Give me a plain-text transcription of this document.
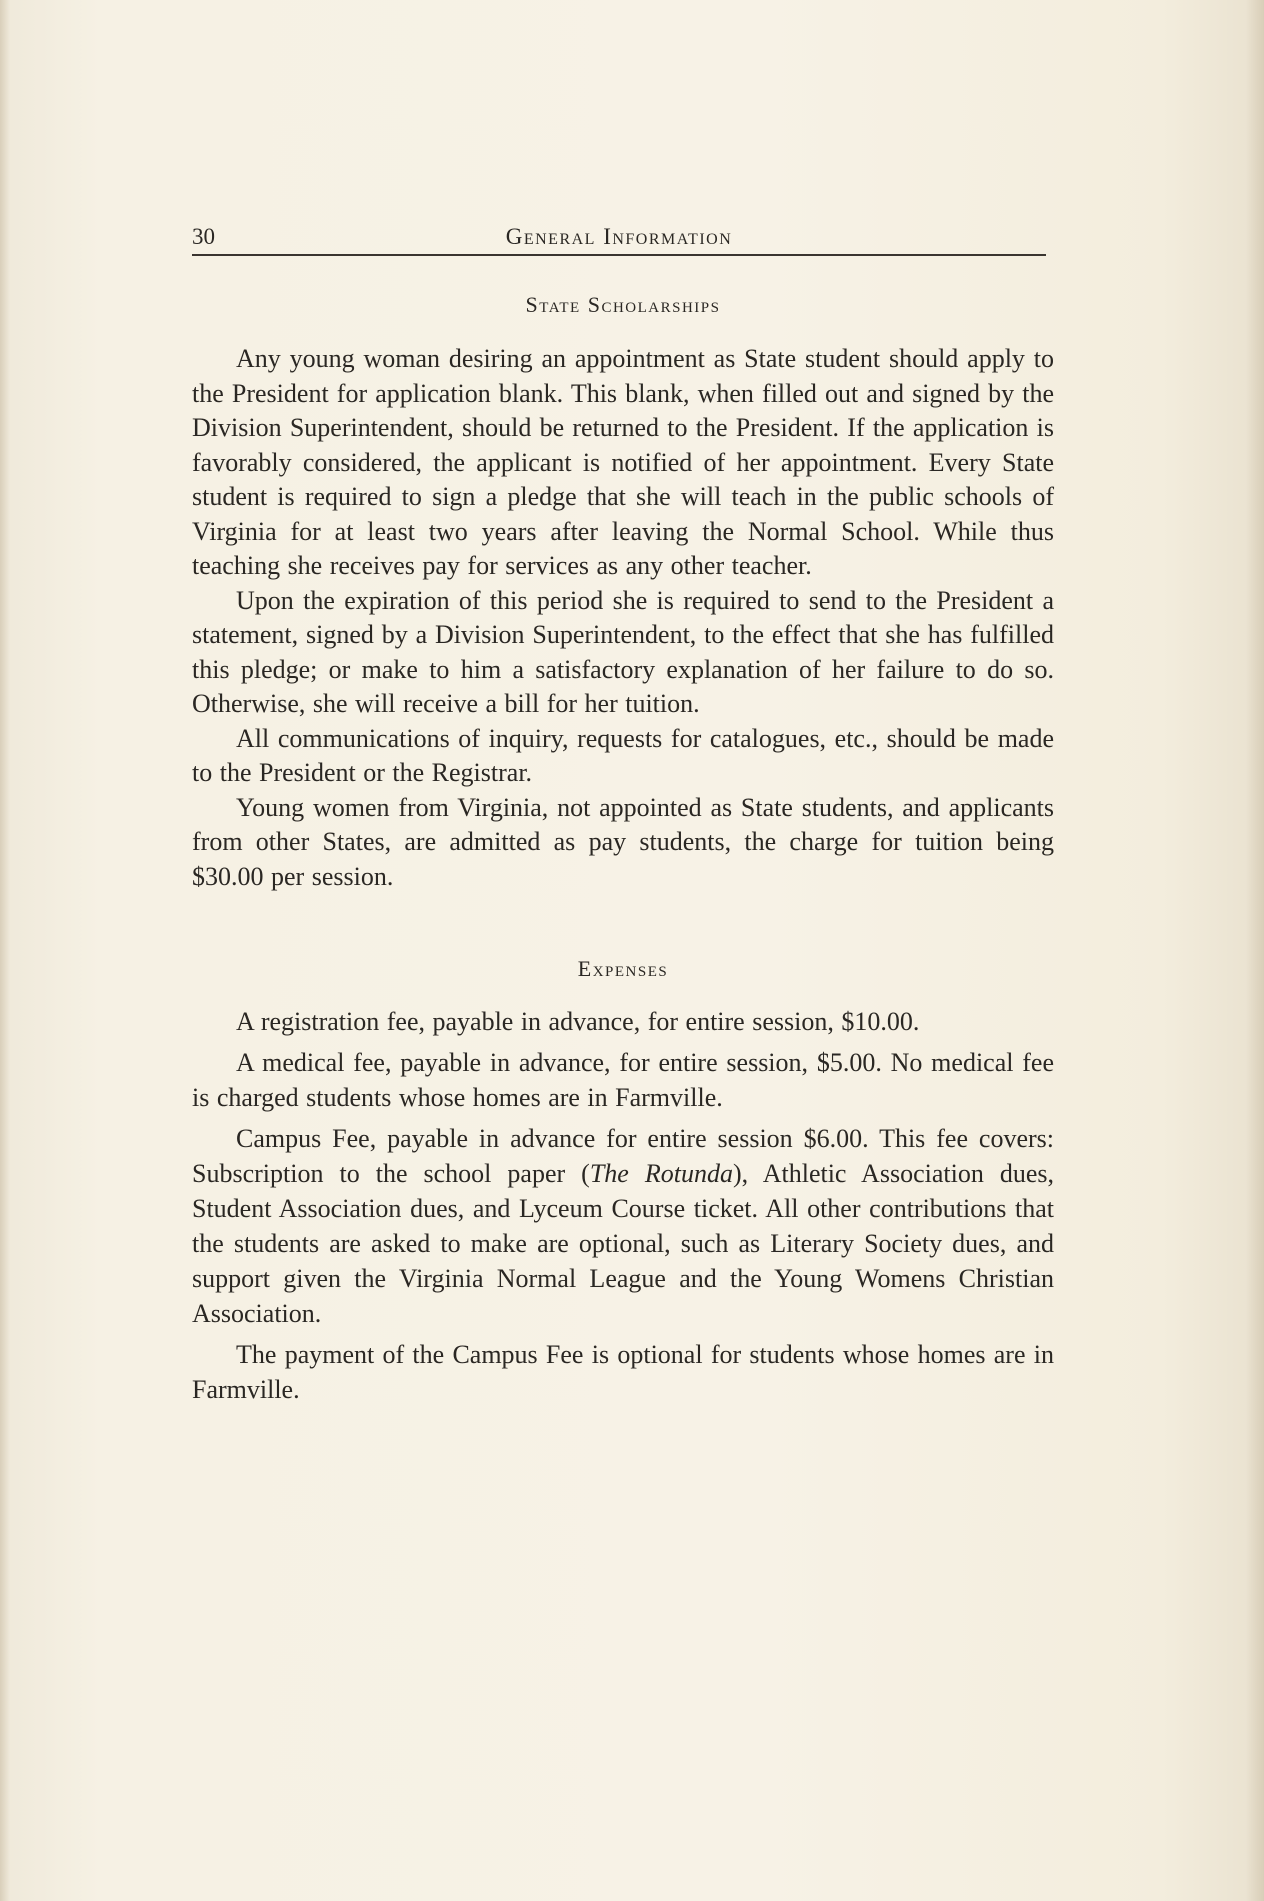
30	General Information
State Scholarships

Any young woman desiring an appointment as State student should apply to the President for application blank. This blank, when filled out and signed by the Division Superintendent, should be returned to the President. If the application is favorably considered, the applicant is notified of her appointment. Every State student is required to sign a pledge that she will teach in the public schools of Virginia for at least two years after leaving the Normal School. While thus teaching she receives pay for services as any other teacher.

Upon the expiration of this period she is required to send to the President a statement, signed by a Division Superintendent, to the effect that she has fulfilled this pledge; or make to him a satisfactory explanation of her failure to do so. Otherwise, she will receive a bill for her tuition.

All communications of inquiry, requests for catalogues, etc., should be made to the President or the Registrar.

Young women from Virginia, not appointed as State students, and applicants from other States, are admitted as pay students, the charge for tuition being $30.00 per session.

Expenses

A registration fee, payable in advance, for entire session, $10.00.

A medical fee, payable in advance, for entire session, $5.00. No medical fee is charged students whose homes are in Farmville.

Campus Fee, payable in advance for entire session $6.00. This fee covers: Subscription to the school paper (The Rotunda), Athletic Association dues, Student Association dues, and Lyceum Course ticket. All other contributions that the students are asked to make are optional, such as Literary Society dues, and support given the Virginia Normal League and the Young Womens Christian Association.

The payment of the Campus Fee is optional for students whose homes are in Farmville.
